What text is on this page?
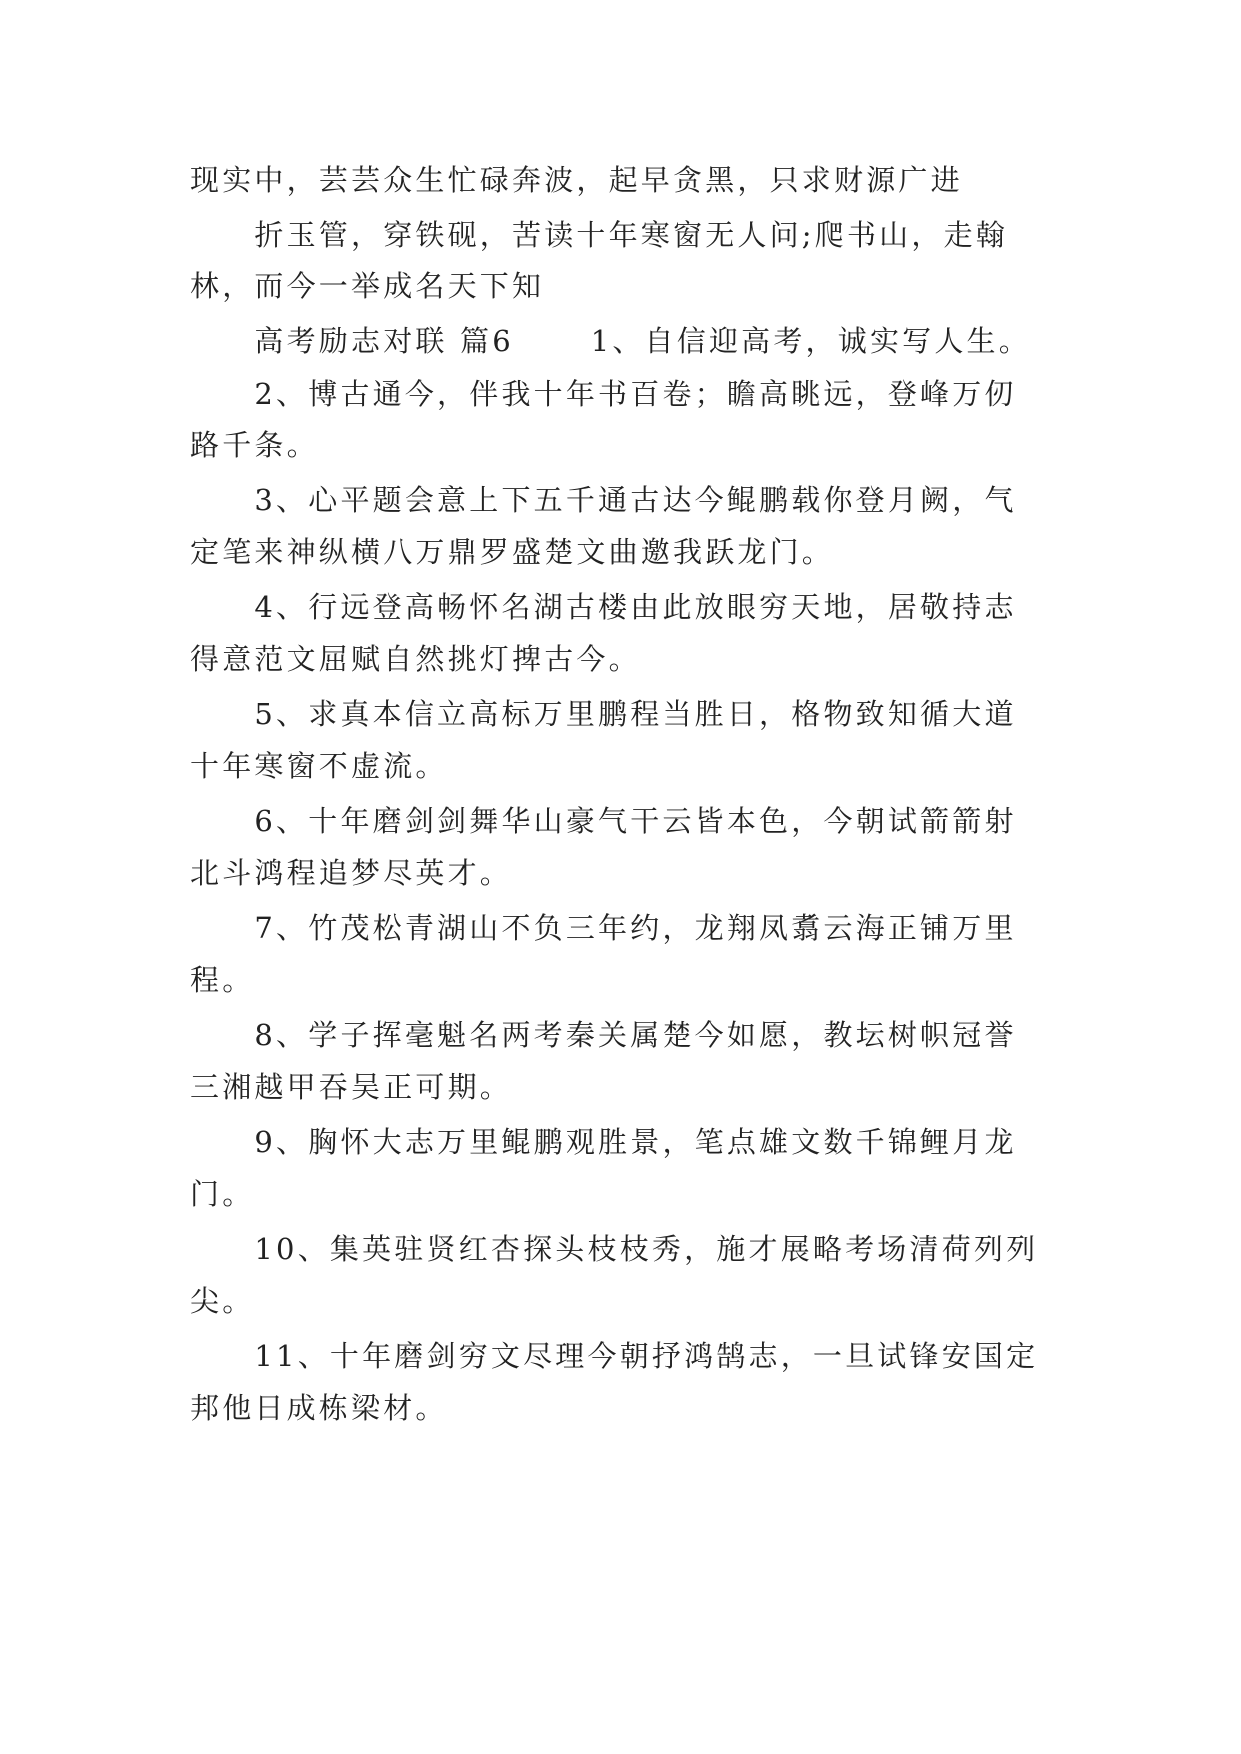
现实中，芸芸众生忙碌奔波，起早贪黑，只求财源广进
　　折玉管，穿铁砚，苦读十年寒窗无人问;爬书山，走翰
林，而今一举成名天下知
　　高考励志对联 篇6　　 1、自信迎高考，诚实写人生。
　　2、博古通今，伴我十年书百卷；瞻高眺远，登峰万仞
路千条。
　　3、心平题会意上下五千通古达今鲲鹏载你登月阙，气
定笔来神纵横八万鼎罗盛楚文曲邀我跃龙门。
　　4、行远登高畅怀名湖古楼由此放眼穷天地，居敬持志
得意范文屈赋自然挑灯捭古今。
　　5、求真本信立高标万里鹏程当胜日，格物致知循大道
十年寒窗不虚流。
　　6、十年磨剑剑舞华山豪气干云皆本色，今朝试箭箭射
北斗鸿程追梦尽英才。
　　7、竹茂松青湖山不负三年约，龙翔凤翥云海正铺万里
程。
　　8、学子挥毫魁名两考秦关属楚今如愿，教坛树帜冠誉
三湘越甲吞吴正可期。
　　9、胸怀大志万里鲲鹏观胜景，笔点雄文数千锦鲤月龙
门。
　　10、集英驻贤红杏探头枝枝秀，施才展略考场清荷列列
尖。
　　11、十年磨剑穷文尽理今朝抒鸿鹄志，一旦试锋安国定
邦他日成栋梁材。
